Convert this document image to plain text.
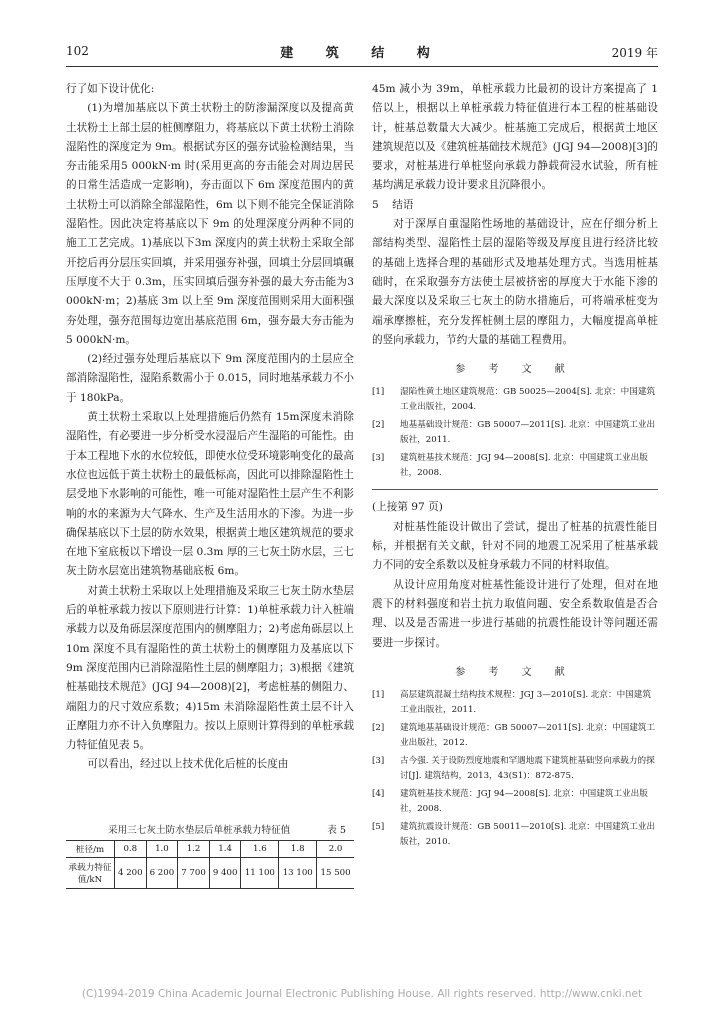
102	建 筑 结 构	2019 年

行了如下设计优化:

(1)为增加基底以下黄土状粉土的防渗漏深度以及提高黄土状粉土上部土层的桩侧摩阻力，将基底以下黄土状粉土消除湿陷性的深度定为 9m。根据试夯区的强夯试验检测结果，当夯击能采用5 000kN·m 时(采用更高的夯击能会对周边居民的日常生活造成一定影响)，夯击面以下 6m 深度范围内的黄土状粉土可以消除全部湿陷性，6m 以下则不能完全保证消除湿陷性。因此决定将基底以下 9m 的处理深度分两种不同的施工工艺完成。1)基底以下3m 深度内的黄土状粉土采取全部开挖后再分层压实回填，并采用强夯补强，回填土分层回填碾压厚度不大于 0.3m，压实回填后强夯补强的最大夯击能为3 000kN·m；2)基底 3m 以上至 9m 深度范围则采用大面积强夯处理，强夯范围每边宽出基底范围 6m，强夯最大夯击能为 5 000kN·m。

(2)经过强夯处理后基底以下 9m 深度范围内的土层应全部消除湿陷性，湿陷系数需小于 0.015，同时地基承载力不小于 180kPa。

黄土状粉土采取以上处理措施后仍然有 15m深度未消除湿陷性，有必要进一步分析受水浸湿后产生湿陷的可能性。由于本工程地下水的水位较低，即使水位受环境影响变化的最高水位也远低于黄土状粉土的最低标高，因此可以排除湿陷性土层受地下水影响的可能性，唯一可能对湿陷性土层产生不利影响的水的来源为大气降水、生产及生活用水的下渗。为进一步确保基底以下土层的防水效果，根据黄土地区建筑规范的要求在地下室底板以下增设一层 0.3m 厚的三七灰土防水层，三七灰土防水层宽出建筑物基础底板 6m。

对黄土状粉土采取以上处理措施及采取三七灰土防水垫层后的单桩承载力按以下原则进行计算：1)单桩承载力计入桩端承载力以及角砾层深度范围内的侧摩阻力；2)考虑角砾层以上 10m 深度不具有湿陷性的黄土状粉土的侧摩阻力及基底以下 9m 深度范围内已消除湿陷性土层的侧摩阻力；3)根据《建筑桩基础技术规范》(JGJ 94—2008)[2]，考虑桩基的侧阻力、端阻力的尺寸效应系数；4)15m 未消除湿陷性黄土层不计入正摩阻力亦不计入负摩阻力。按以上原则计算得到的单桩承载力特征值见表 5。

可以看出，经过以上技术优化后桩的长度由

采用三七灰土防水垫层后单桩承载力特征值	表 5
桩径/m	0.8	1.0	1.2	1.4	1.6	1.8	2.0
承载力特征值/kN	4 200	6 200	7 700	9 400	11 100	13 100	15 500

45m 减小为 39m，单桩承载力比最初的设计方案提高了 1 倍以上，根据以上单桩承载力特征值进行本工程的桩基础设计，桩基总数量大大减少。桩基施工完成后，根据黄土地区建筑规范以及《建筑桩基础技术规范》(JGJ 94—2008)[3]的要求，对桩基进行单桩竖向承载力静载荷浸水试验，所有桩基均满足承载力设计要求且沉降很小。

5 结语

对于深厚自重湿陷性场地的基础设计，应在仔细分析上部结构类型、湿陷性土层的湿陷等级及厚度且进行经济比较的基础上选择合理的基础形式及地基处理方式。当选用桩基础时，在采取强夯方法使土层被挤密的厚度大于水能下渗的最大深度以及采取三七灰土的防水措施后，可将端承桩变为端承摩擦桩，充分发挥桩侧土层的摩阻力，大幅度提高单桩的竖向承载力，节约大量的基础工程费用。

参 考 文 献
[1] 湿陷性黄土地区建筑规范：GB 50025—2004[S]. 北京：中国建筑工业出版社，2004.
[2] 地基基础设计规范：GB 50007—2011[S]. 北京：中国建筑工业出版社，2011.
[3] 建筑桩基技术规范：JGJ 94—2008[S]. 北京：中国建筑工业出版社，2008.

(上接第 97 页)

对桩基性能设计做出了尝试，提出了桩基的抗震性能目标，并根据有关文献，针对不同的地震工况采用了桩基承载力不同的安全系数以及桩身承载力不同的材料取值。

从设计应用角度对桩基性能设计进行了处理，但对在地震下的材料强度和岩土抗力取值问题、安全系数取值是否合理、以及是否需进一步进行基础的抗震性能设计等问题还需要进一步探讨。

参 考 文 献
[1] 高层建筑混凝土结构技术规程：JGJ 3—2010[S]. 北京：中国建筑工业出版社，2011.
[2] 建筑地基基础设计规范：GB 50007—2011[S]. 北京：中国建筑工业出版社，2012.
[3] 古今强. 关于设防烈度地震和罕遇地震下建筑桩基础竖向承载力的探讨[J]. 建筑结构，2013，43(S1)：872-875.
[4] 建筑桩基技术规范：JGJ 94—2008[S]. 北京：中国建筑工业出版社，2008.
[5] 建筑抗震设计规范：GB 50011—2010[S]. 北京：中国建筑工业出版社，2010.
(C)1994-2019 China Academic Journal Electronic Publishing House. All rights reserved. http://www.cnki.net
